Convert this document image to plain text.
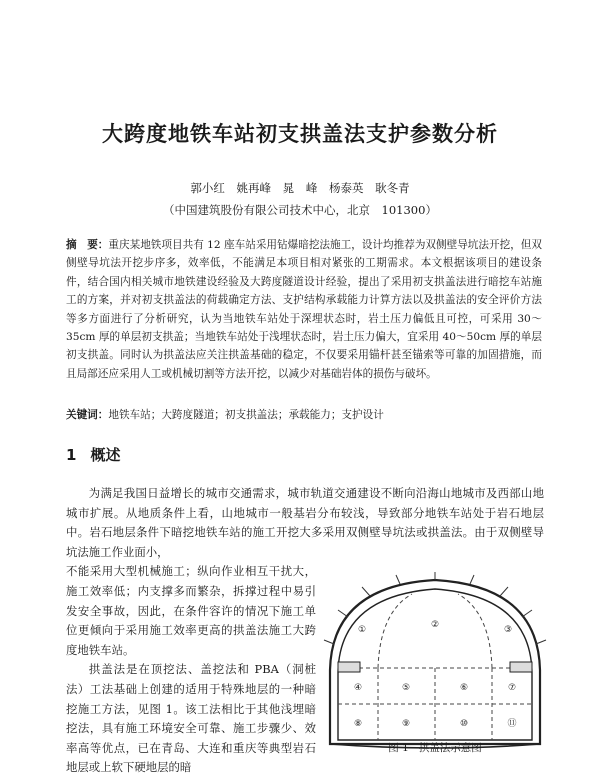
大跨度地铁车站初支拱盖法支护参数分析
郭小红 姚再峰 晁 峰 杨泰英 耿冬青
（中国建筑股份有限公司技术中心，北京　101300）
摘　要：重庆某地铁项目共有 12 座车站采用钻爆暗挖法施工，设计均推荐为双侧壁导坑法开挖，但双侧壁导坑法开挖步序多，效率低，不能满足本项目相对紧张的工期需求。本文根据该项目的建设条件，结合国内相关城市地铁建设经验及大跨度隧道设计经验，提出了采用初支拱盖法进行暗挖车站施工的方案，并对初支拱盖法的荷载确定方法、支护结构承载能力计算方法以及拱盖法的安全评价方法等多方面进行了分析研究，认为当地铁车站处于深埋状态时，岩土压力偏低且可控，可采用 30～35cm 厚的单层初支拱盖；当地铁车站处于浅埋状态时，岩土压力偏大，宜采用 40～50cm 厚的单层初支拱盖。同时认为拱盖法应关注拱盖基础的稳定，不仅要采用锚杆甚至锚索等可靠的加固措施，而且局部还应采用人工或机械切割等方法开挖，以减少对基础岩体的损伤与破坏。
关键词：地铁车站；大跨度隧道；初支拱盖法；承载能力；支护设计
1 概述

为满足我国日益增长的城市交通需求，城市轨道交通建设不断向沿海山地城市及西部山地城市扩展。从地质条件上看，山地城市一般基岩分布较浅，导致部分地铁车站处于岩石地层中。岩石地层条件下暗挖地铁车站的施工开挖大多采用双侧壁导坑法或拱盖法。由于双侧壁导坑法施工作业面小，

不能采用大型机械施工；纵向作业相互干扰大，施工效率低；内支撑多而繁杂，拆撑过程中易引发安全事故，因此，在条件容许的情况下施工单位更倾向于采用施工效率更高的拱盖法施工大跨度地铁车站。

拱盖法是在顶挖法、盖挖法和 PBA（洞桩法）工法基础上创建的适用于特殊地层的一种暗挖施工方法，见图 1。该工法相比于其他浅埋暗挖法，具有施工环境安全可靠、施工步骤少、效率高等优点，已在青岛、大连和重庆等典型岩石地层或上软下硬地层的暗

①	②	③
④	⑤	⑥	⑦
⑧	⑨	⑩	⑪
图 1 拱盖法示意图
